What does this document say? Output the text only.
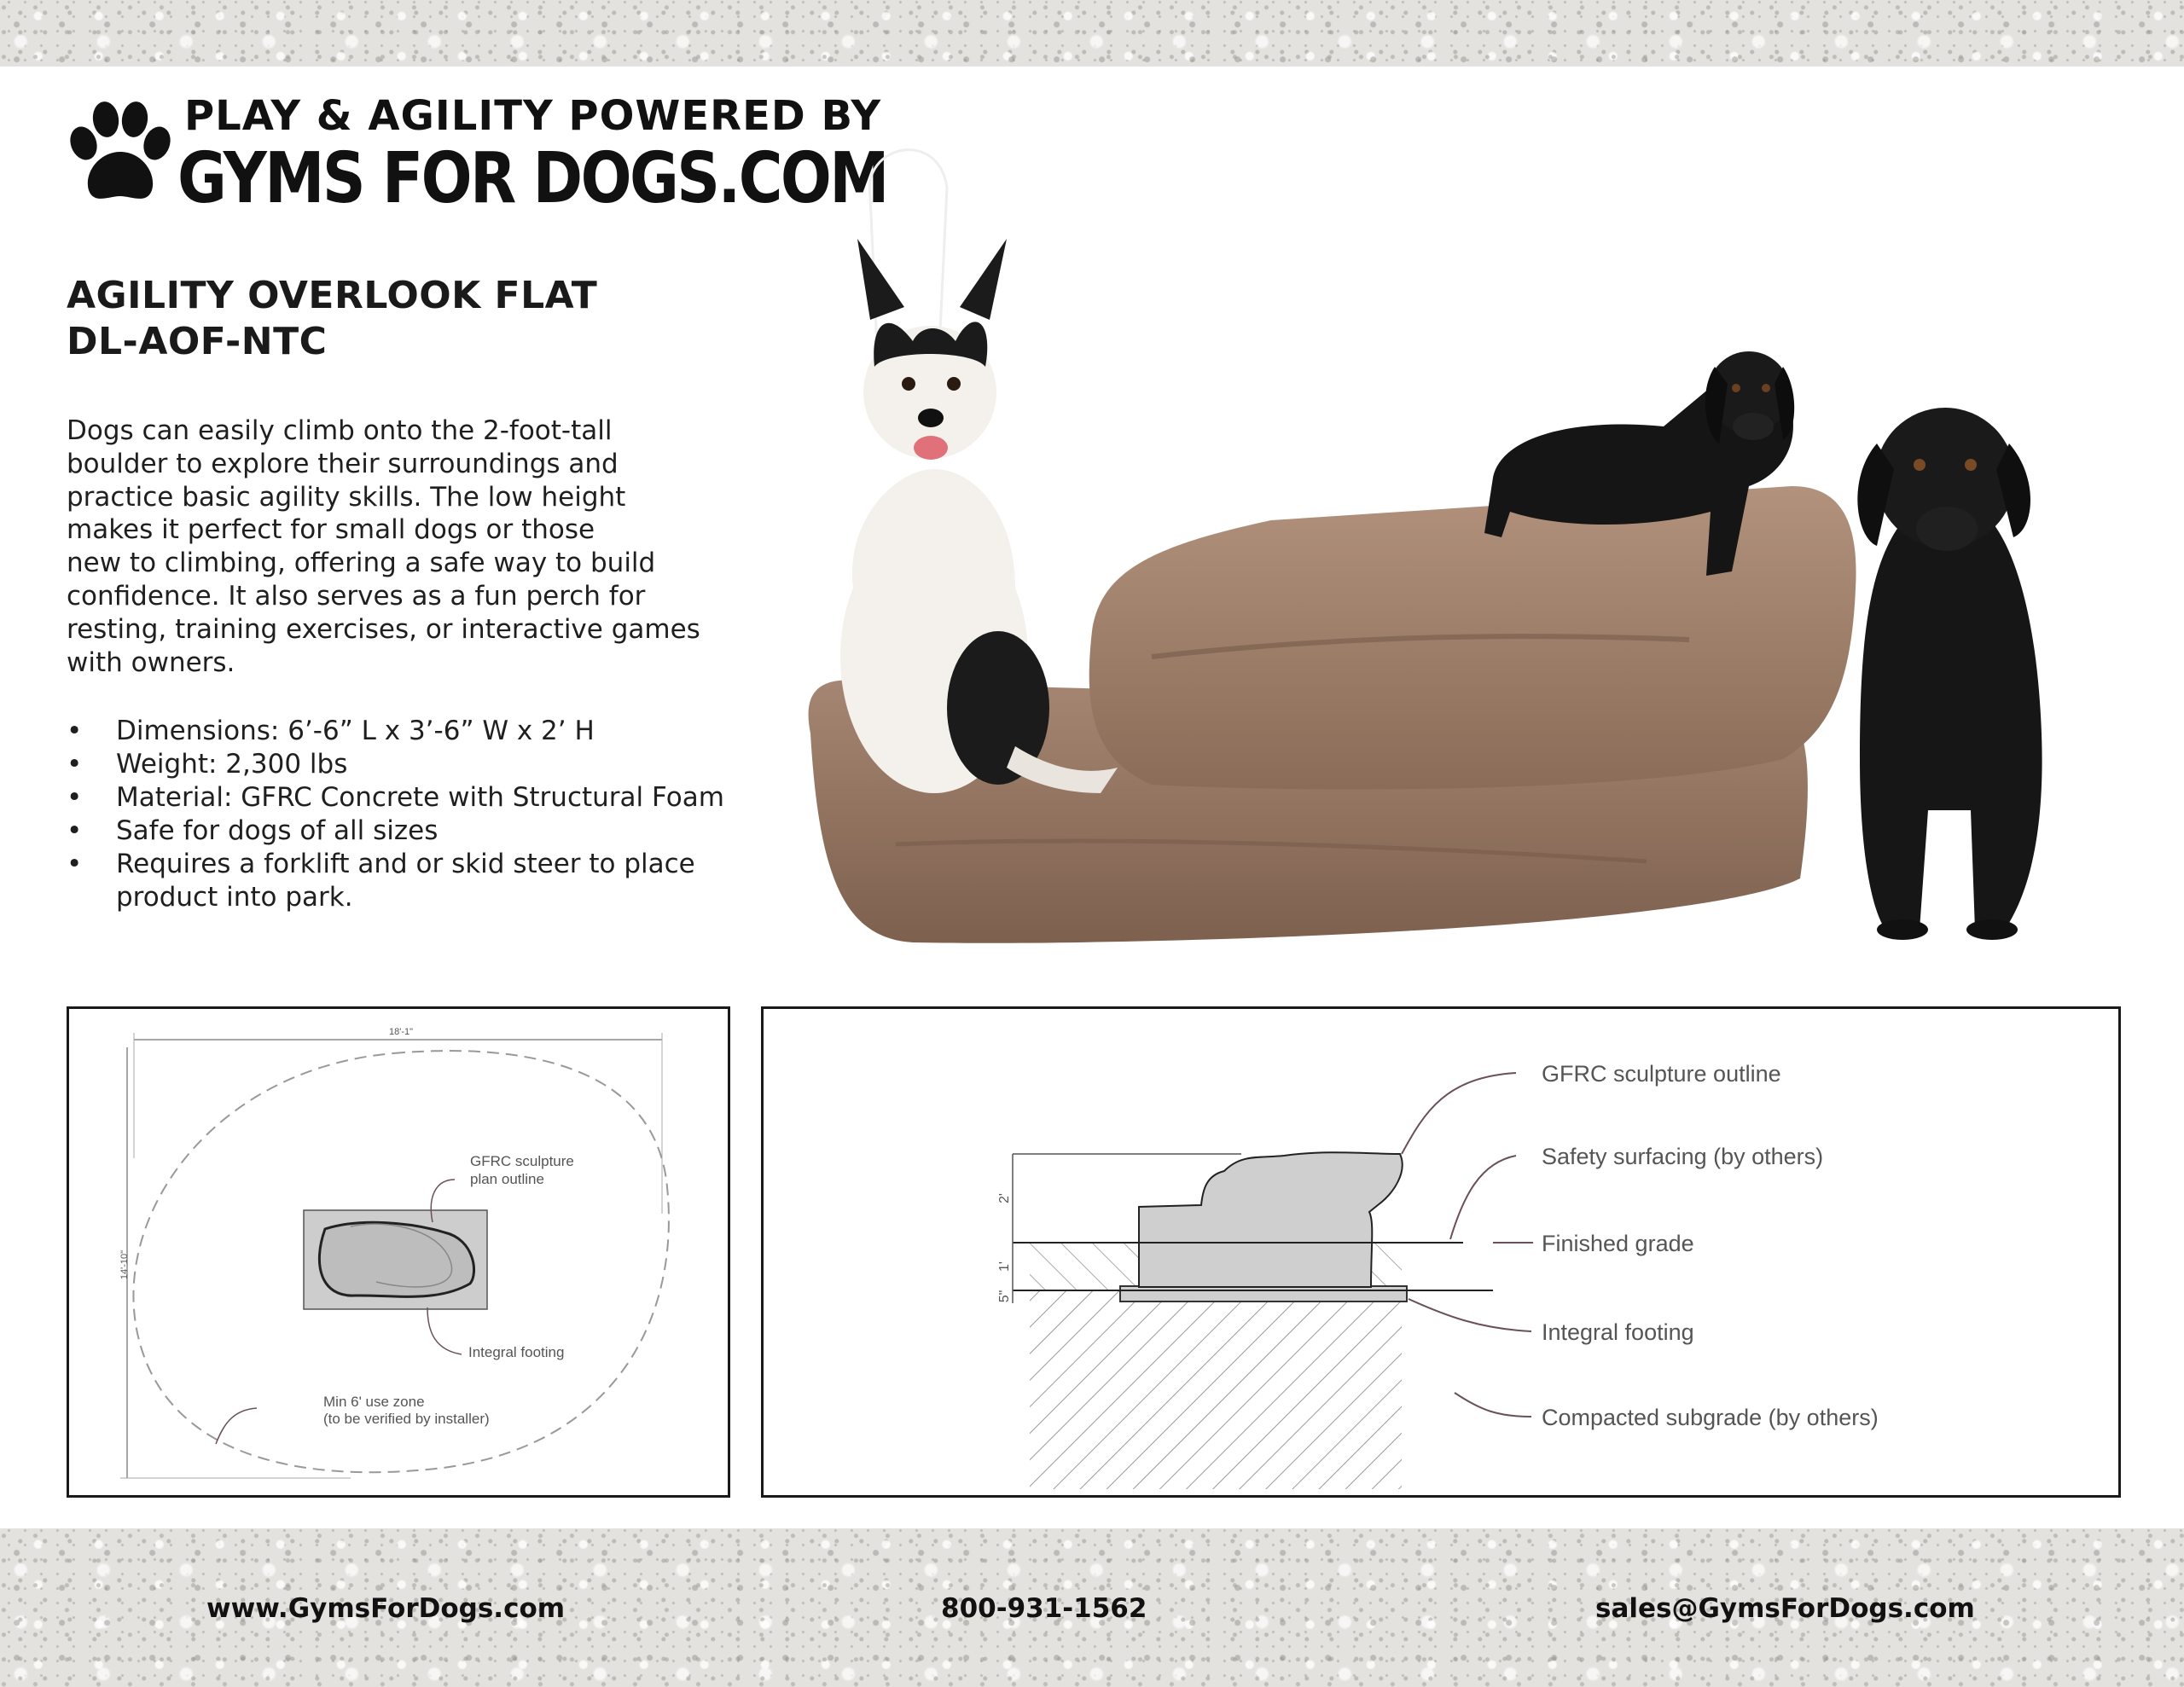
PLAY & AGILITY POWERED BY
GYMS FOR DOGS.COM
AGILITY OVERLOOK FLAT
DL-AOF-NTC
Dogs can easily climb onto the 2-foot-tall
boulder to explore their surroundings and
practice basic agility skills. The low height
makes it perfect for small dogs or those
new to climbing, offering a safe way to build
confidence. It also serves as a fun perch for
resting, training exercises, or interactive games
with owners.
• Dimensions: 6’-6” L x 3’-6” W x 2’ H
• Weight: 2,300 lbs
• Material: GFRC Concrete with Structural Foam
• Safe for dogs of all sizes
• Requires a forklift and or skid steer to place product into park.
18'-1"
14'-10"
GFRC sculpture
plan outline
Integral footing
Min 6' use zone
(to be verified by installer)
2'
1'
5"
GFRC sculpture outline
Safety surfacing (by others)
Finished grade
Integral footing
Compacted subgrade (by others)
www.GymsForDogs.com	800-931-1562	sales@GymsForDogs.com
